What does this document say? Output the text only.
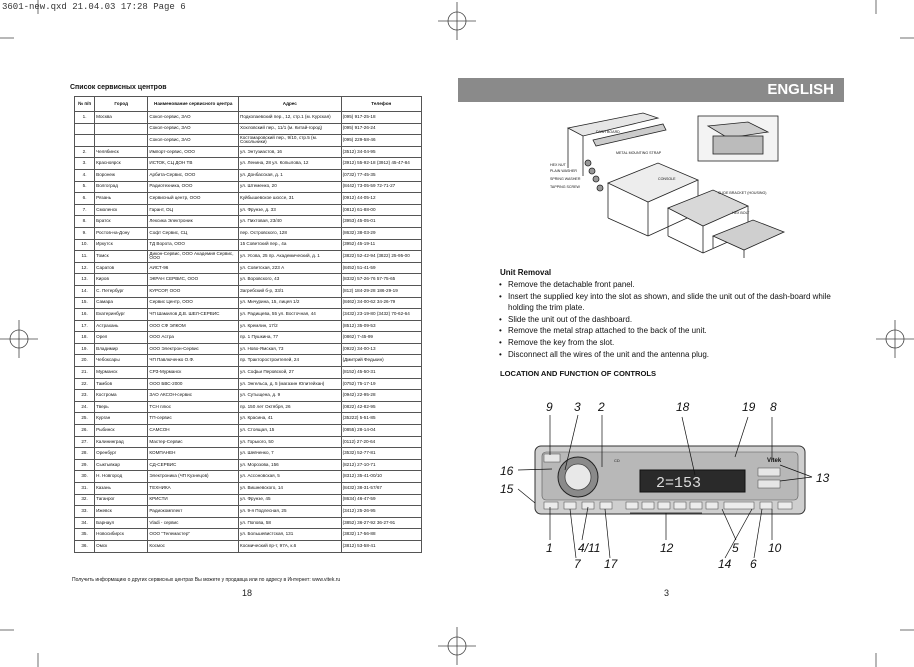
3601-new.qxd 21.04.03 17:28 Page 6
Список сервисных центров
№ п/п	Город	Наименование сервисного центра	Адрес	Телефон
1.	Москва	Сокол-сервис, ЗАО	Подкопаевский пер., 12, стр.1 (м. Курская)	(095) 917-25-18
		Сокол-сервис, ЗАО	Хохловский пер., 11/1 (м. Китай-город)	(095) 917-26-24
		Сокол-сервис, ЗАО	Костомаровский пер., 9/10, стр.5 (м. Сокольники)	(095) 229-58-46
2.	Челябинск	Импорт-сервис, ООО	ул. Энтузиастов, 16	(3512) 34-04-95
3.	Красноярск	ИСТОК, СЦ ДОН ТВ	ул. Ленина, 28 ул. Копылова, 12	(3912) 55-92-18 (3912) 45-47-84
4.	Воронеж	Арбита-Сервис, ООО	ул. Донбасская, д. 1	(0732) 77-45-35
5.	Волгоград	Радиотехника, ООО	ул. Штеменко, 20	(8442) 73-05-59 72-71-27
6.	Рязань	Сервисный центр, ООО	Куйбышевское шоссе, 31	(0912) 44-05-12
7.	Смоленск	Гарант, ОЦ	ул. Фрунзе, д. 33	(0812) 61-88-00
8.	Братск	Лексика Электроник	ул. Пихтовая, 23/40	(3953) 45-05-01
9.	Ростов-на-Дону	Софт Сервис, СЦ	пер. Островского, 128	(8632) 38-03-29
10.	Иркутск	ТД Ворота, ООО	15 Советский пер., 4а	(3952) 45-19-11
11.	Томск	Дикон-Сервис, ООО Академия Сервис, ООО	ул. Усова, 25 пр. Академический, д. 1	(3822) 52-42-94 (3822) 25-95-00
12.	Саратов	АИСТ-96	ул. Советская, 223 А	(8452) 51-41-59
13.	Киров	ЭКРАН СЕРВИС, ООО	ул. Воровского, 43	(8332) 57-26-76 57-75-65
14.	С. Петербург	КУРСОР, ООО	Загребский б-р, 33/1	(812) 184-29-28 186-29-19
15.	Самара	Сервис Центр, ООО	ул. Мичурина, 15, лицея 1/2	(8462) 34-00-62 34-26-79
16.	Екатеринбург	ЧП Шамилов Д.В. ШЕЛ-СЕРВИС	ул. Радищева, 55 ул. Восточная, 44	(3432) 23-19-80 (3432) 70-62-64
17.	Астрахань	ООО СФ ЭЛКОМ	ул. Кремлин, 17/2	(8512) 35-09-53
18.	Орел	ООО Астра	пр. 1 Пушкина, 77	(0862) 7-45-99
19.	Владимир	ООО Электрон-Сервис	ул. Ново-Ямская, 73	(0922) 34-00-13
20.	Чебоксары	ЧП Павлюченко О.Ф.	пр. Тракторостроителей, 24	(Дмитрий Федькин)
21.	Мурманск	СРЗ-Мурманск	ул. Софьи Перовской, 27	(8152) 45-50-31
22.	Тамбов	ООО БВС-2000	ул. Энгельса, д. 5 (магазин Юпитейхан)	(0752) 75-17-19
23.	Кострома	ЗАО АКСОН-сервис	ул. Сутыщена, д. 9	(0942) 22-95-28
24.	Тверь	ТСН плюс	пр. 150 лет Октября, 26	(0822) 42-82-95
25.	Курган	ТП-сервис	ул. Красина, 41	(35222) 5-51-85
26.	Рыбинск	САМСОН	ул. Стоящая, 15	(0855) 28-14-04
27.	Калининград	Мастер-Сервис	ул. Горького, 50	(0112) 27-20-64
28.	Оренбург	КОМПАНЕН	ул. Шевченко, 7	(3532) 52-77-81
29.	Сыктывкар	СД-СЕРВИС	ул. Морозова, 156	(8212) 27-10-71
30.	Н. Новгород	Электроника (ЧП Кузнецов)	ул. Ассоновская, 5	(8312) 35-41-00/10
31.	Казань	ТЕХНИКА	ул. Вишневского, 14	(8432) 38-31-57/67
32.	Таганрог	КРИСТИ	ул. Фрунзе, 45	(8634) 46-47-59
33.	Ижевск	Радиокомплект	ул. 9-я Подлесная, 25	(3412) 25-26-95
34.	Барнаул	Vladi - сервис	ул. Попова, 58	(3852) 36-27-92 36-27-91
35.	Новосибирск	ООО "Телемастер"	ул. Большевистская, 131	(3832) 17-56-88
36.	Омск	Космос	Космический пр-т, 97А, к.6	(3812) 53-58-41
Получить информацию о других сервисных центрах Вы можете у продавца или по адресу в Интернет: www.vitek.ru
18
ENGLISH
DASH BOARD
METAL MOUNTING STRAP
HEX NUT
PLAIN WASHER
SPRING WASHER
TAPPING SCREW
CONSOLE
SLIDE BRACKET (HOUSING)
HEX BOLT
Unit Removal
• Remove the detachable front panel.
• Insert the supplied key into the slot as shown, and slide the unit out of the dash-board while holding the trim plate.
• Slide the unit out of the dashboard.
• Remove the metal strap attached to the back of the unit.
• Remove the key from the slot.
• Disconnect all the wires of the unit and the antenna plug.
LOCATION AND FUNCTION OF CONTROLS
2=153
CD	Vitek
9 3 2	18	19 8
16
15
13
1 4/11	12	5 10
7 17	14 6
3
